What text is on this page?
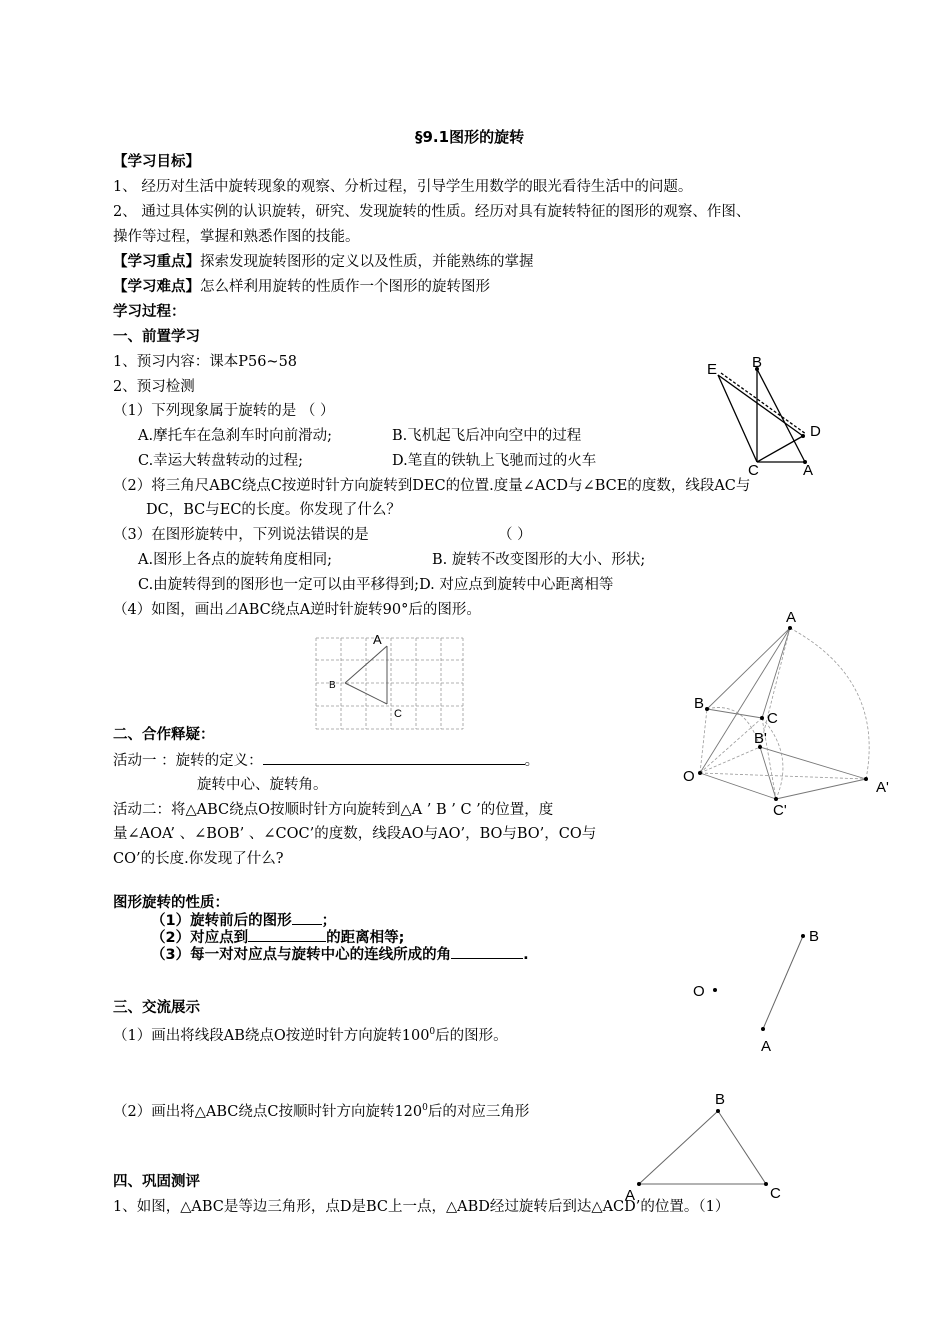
§9.1图形的旋转
【学习目标】
1、 经历对生活中旋转现象的观察、分析过程，引导学生用数学的眼光看待生活中的问题。
2、 通过具体实例的认识旋转，研究、发现旋转的性质。经历对具有旋转特征的图形的观察、作图、
操作等过程，掌握和熟悉作图的技能。
【学习重点】探索发现旋转图形的定义以及性质，并能熟练的掌握
【学习难点】怎么样利用旋转的性质作一个图形的旋转图形
学习过程：
一、前置学习
1、预习内容：课本P56~58
2、预习检测
（1）下列现象属于旋转的是 （ ）
A.摩托车在急刹车时向前滑动;	B.飞机起飞后冲向空中的过程
C.幸运大转盘转动的过程;	D.笔直的铁轨上飞驰而过的火车
（2）将三角尺ABC绕点C按逆时针方向旋转到DEC的位置.度量∠ACD与∠BCE的度数，线段AC与
DC，BC与EC的长度。你发现了什么？
（3）在图形旋转中，下列说法错误的是	（ ）
A.图形上各点的旋转角度相同;	B. 旋转不改变图形的大小、形状;
C.由旋转得到的图形也一定可以由平移得到;D. 对应点到旋转中心距离相等
（4）如图，画出⊿ABC绕点A逆时针旋转90°后的图形。
二、合作释疑：
活动一 ：旋转的定义：	。
旋转中心、旋转角。
活动二：将△ABC绕点O按顺时针方向旋转到△A ’ B ’ C ’的位置，度
量∠AOA’ 、∠BOB’ 、∠COC’的度数，线段AO与AO’，BO与BO’，CO与
CO’的长度.你发现了什么?
图形旋转的性质：
（1）旋转前后的图形 ；
（2）对应点到	的距离相等;
（3）每一对对应点与旋转中心的连线所成的角	.
三、交流展示
（1）画出将线段AB绕点O按逆时针方向旋转$100^0$后的图形。
（2）画出将△ABC绕点C按顺时针方向旋转$120^0$后的对应三角形
四、巩固测评
1、如图，△ABC是等边三角形，点D是BC上一点，△ABD经过旋转后到达△ACD’的位置。（1）
E B
D
C	A
A
B
C
A
B
C
B'
O
A'
C'
B
O
A
B
A	C
